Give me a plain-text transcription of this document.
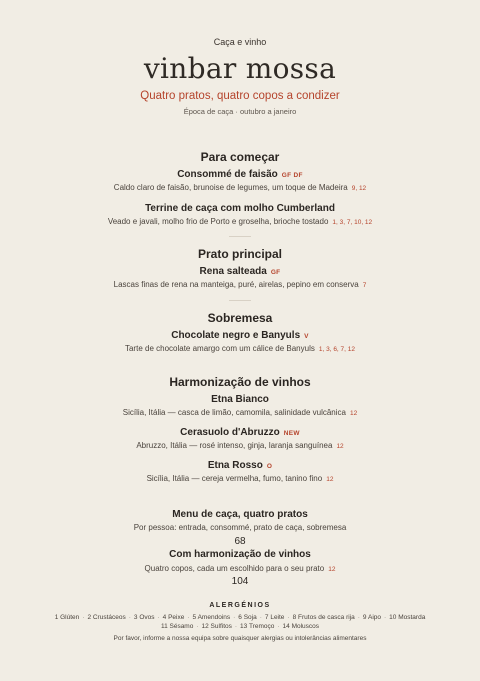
Caça e vinho
vinbar mossa
Quatro pratos, quatro copos a condizer
Época de caça · outubro a janeiro
Para começar
Consommé de faisão GF DF
Caldo claro de faisão, brunoise de legumes, um toque de Madeira 9, 12
Terrine de caça com molho Cumberland
Veado e javali, molho frio de Porto e groselha, brioche tostado 1, 3, 7, 10, 12
Prato principal
Rena salteada GF
Lascas finas de rena na manteiga, puré, airelas, pepino em conserva 7
Sobremesa
Chocolate negro e Banyuls V
Tarte de chocolate amargo com um cálice de Banyuls 1, 3, 6, 7, 12
Harmonização de vinhos
Etna Bianco
Sicília, Itália — casca de limão, camomila, salinidade vulcânica 12
Cerasuolo d'Abruzzo NEW
Abruzzo, Itália — rosé intenso, ginja, laranja sanguínea 12
Etna Rosso O
Sicília, Itália — cereja vermelha, fumo, tanino fino 12
Menu de caça, quatro pratos
Por pessoa: entrada, consommé, prato de caça, sobremesa
68
Com harmonização de vinhos
Quatro copos, cada um escolhido para o seu prato 12
104
ALERGÉNIOS
1 Glúten · 2 Crustáceos · 3 Ovos · 4 Peixe · 5 Amendoins · 6 Soja · 7 Leite · 8 Frutos de casca rija · 9 Aipo · 10 Mostarda
11 Sésamo · 12 Sulfitos · 13 Tremoço · 14 Moluscos
Por favor, informe a nossa equipa sobre quaisquer alergias ou intolerâncias alimentares
